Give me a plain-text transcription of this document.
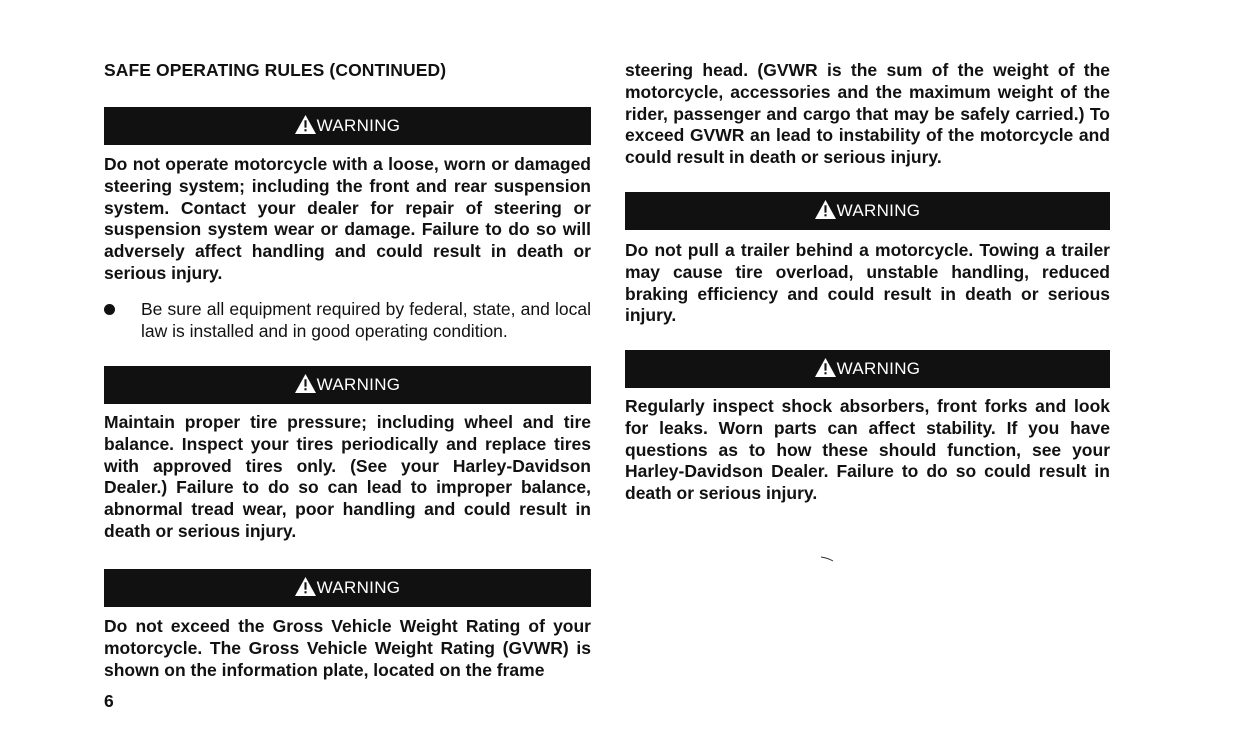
SAFE OPERATING RULES (CONTINUED)
WARNING
Do not operate motorcycle with a loose, worn or damaged steering system; including the front and rear suspension system. Contact your dealer for repair of steering or suspension system wear or damage. Failure to do so will adversely affect handling and could result in death or serious injury.
Be sure all equipment required by federal, state, and local law is installed and in good operating condition.
WARNING
Maintain proper tire pressure; including wheel and tire balance. Inspect your tires periodically and replace tires with approved tires only. (See your Harley-Davidson Dealer.) Failure to do so can lead to improper balance, abnormal tread wear, poor handling and could result in death or serious injury.
WARNING
Do not exceed the Gross Vehicle Weight Rating of your motorcycle. The Gross Vehicle Weight Rating (GVWR) is shown on the information plate, located on the frame
steering head. (GVWR is the sum of the weight of the motorcycle, accessories and the maximum weight of the rider, passenger and cargo that may be safely carried.) To exceed GVWR an lead to instability of the motorcycle and could result in death or serious injury.
WARNING
Do not pull a trailer behind a motorcycle. Towing a trailer may cause tire overload, unstable handling, reduced braking efficiency and could result in death or serious injury.
WARNING
Regularly inspect shock absorbers, front forks and look for leaks. Worn parts can affect stability. If you have questions as to how these should function, see your Harley-Davidson Dealer. Failure to do so could result in death or serious injury.
6
